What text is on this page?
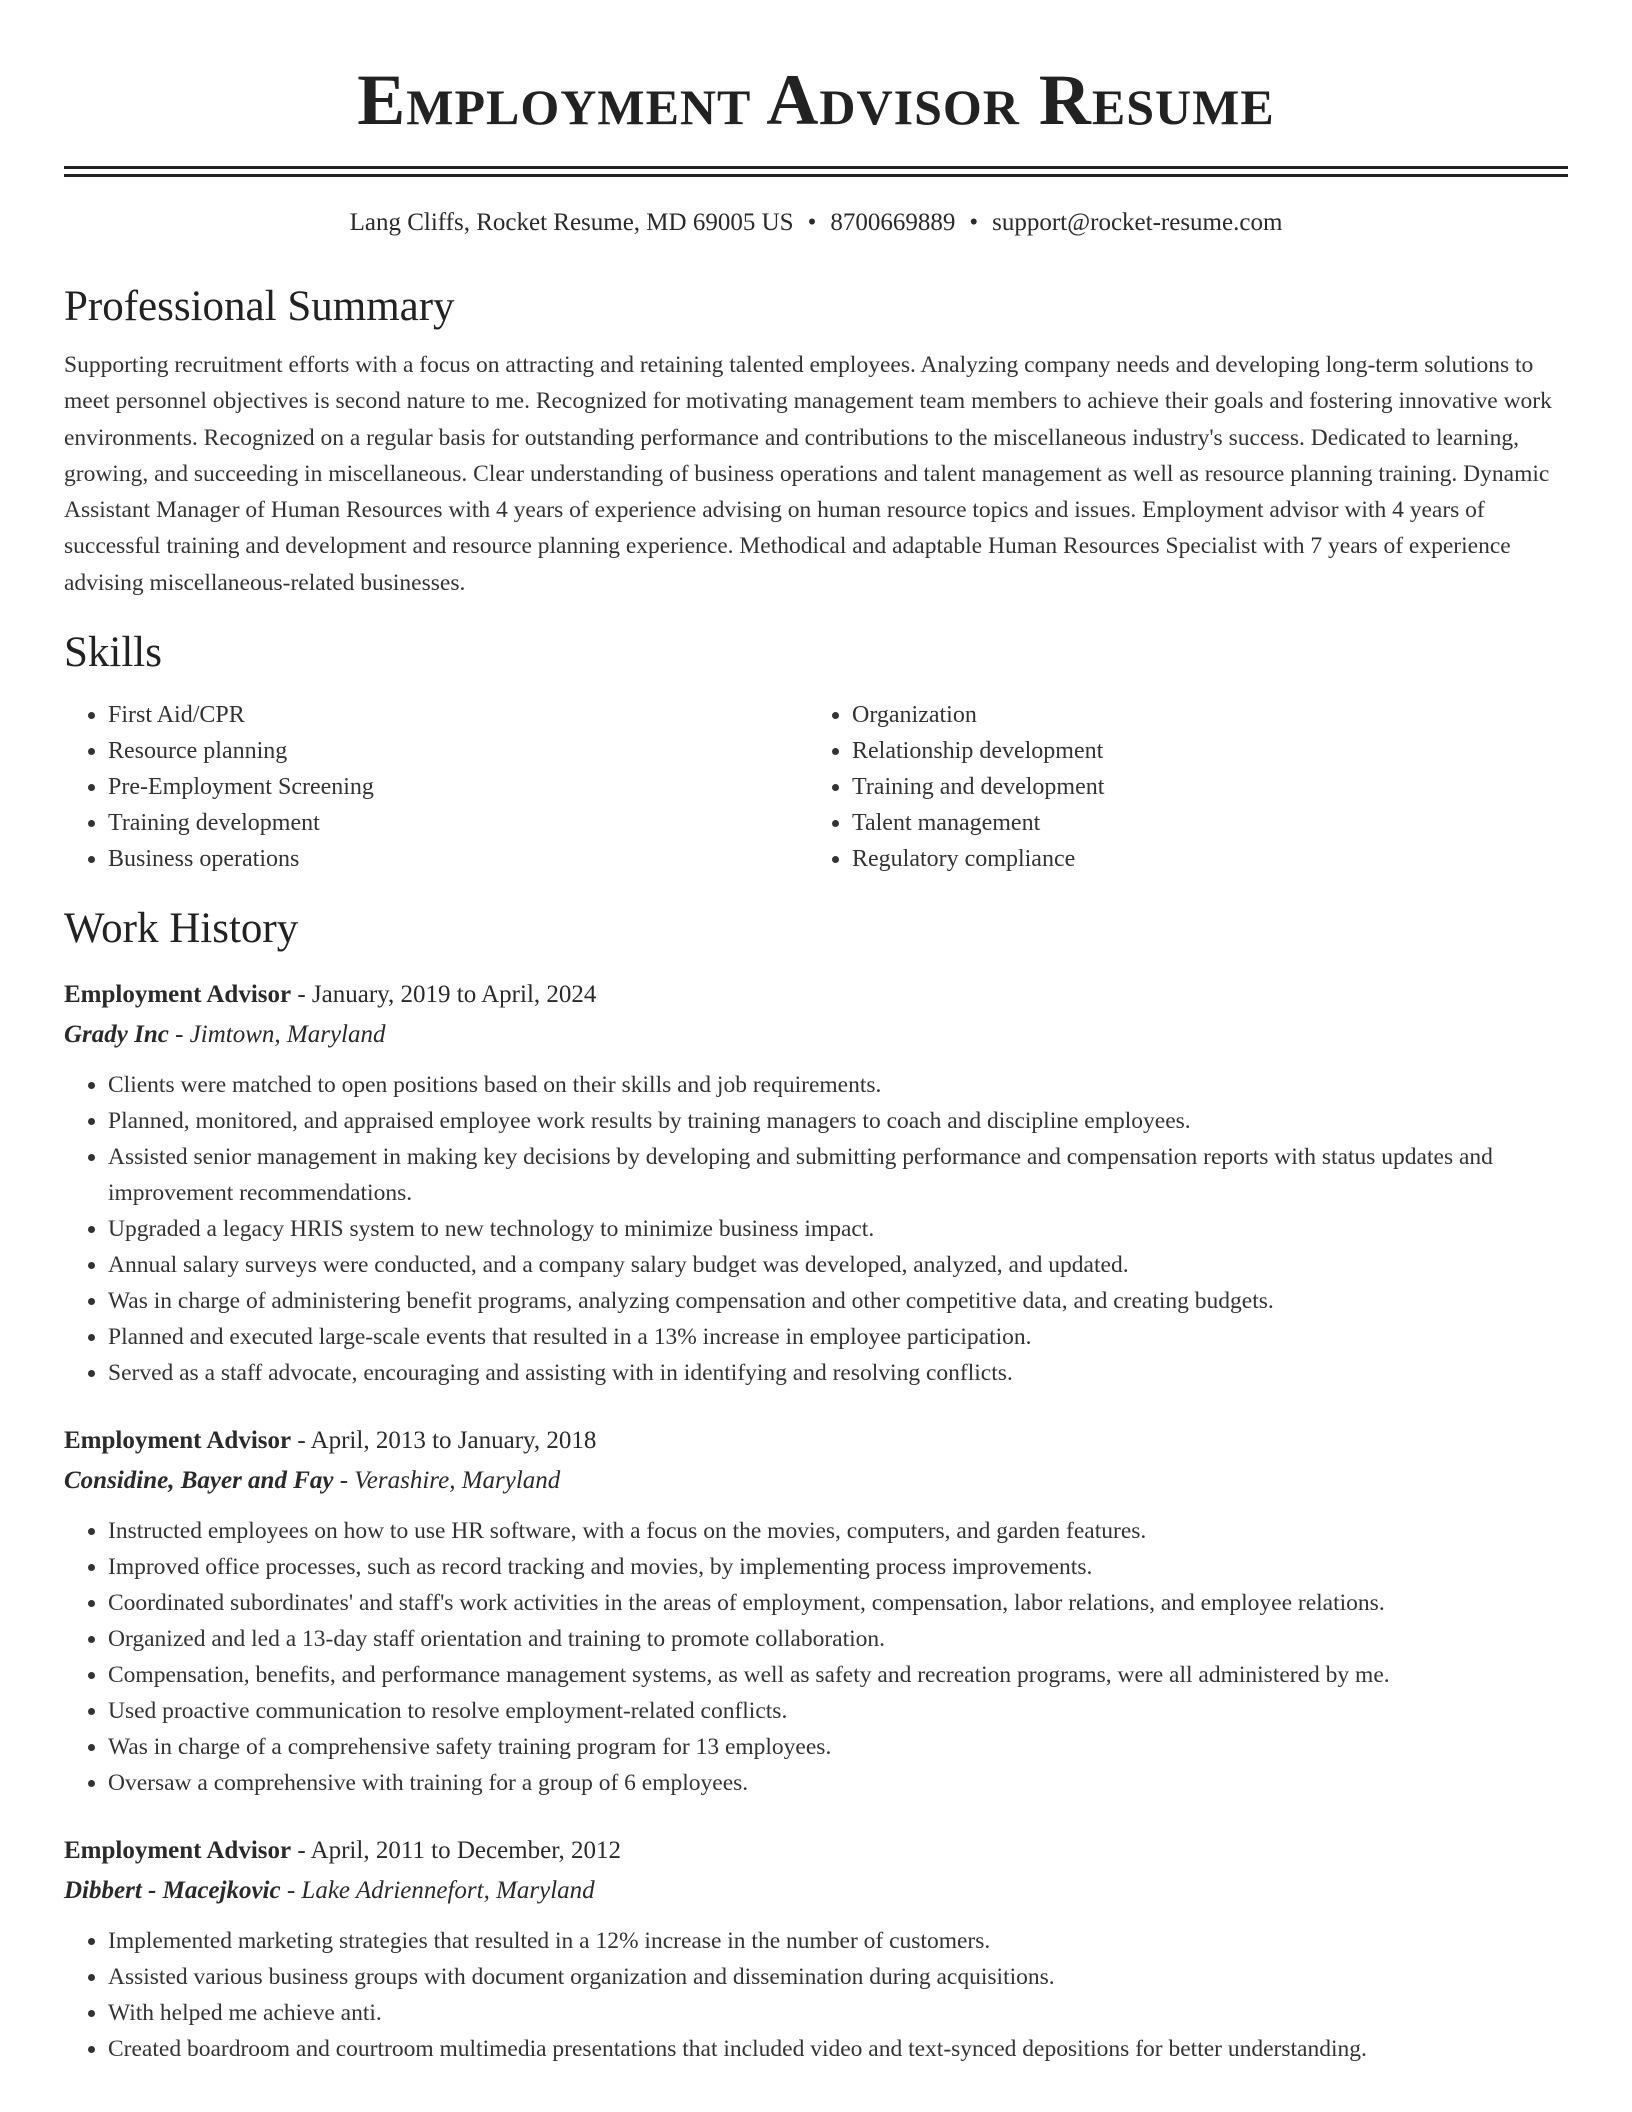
Employment Advisor Resume
Lang Cliffs, Rocket Resume, MD 69005 US • 8700669889 • support@rocket-resume.com
Professional Summary
Supporting recruitment efforts with a focus on attracting and retaining talented employees. Analyzing company needs and developing long-term solutions to meet personnel objectives is second nature to me. Recognized for motivating management team members to achieve their goals and fostering innovative work environments. Recognized on a regular basis for outstanding performance and contributions to the miscellaneous industry's success. Dedicated to learning, growing, and succeeding in miscellaneous. Clear understanding of business operations and talent management as well as resource planning training. Dynamic Assistant Manager of Human Resources with 4 years of experience advising on human resource topics and issues. Employment advisor with 4 years of successful training and development and resource planning experience. Methodical and adaptable Human Resources Specialist with 7 years of experience advising miscellaneous-related businesses.
Skills
• First Aid/CPR
• Resource planning
• Pre-Employment Screening
• Training development
• Business operations
• Organization
• Relationship development
• Training and development
• Talent management
• Regulatory compliance
Work History
Employment Advisor - January, 2019 to April, 2024
Grady Inc - Jimtown, Maryland
• Clients were matched to open positions based on their skills and job requirements.
• Planned, monitored, and appraised employee work results by training managers to coach and discipline employees.
• Assisted senior management in making key decisions by developing and submitting performance and compensation reports with status updates and improvement recommendations.
• Upgraded a legacy HRIS system to new technology to minimize business impact.
• Annual salary surveys were conducted, and a company salary budget was developed, analyzed, and updated.
• Was in charge of administering benefit programs, analyzing compensation and other competitive data, and creating budgets.
• Planned and executed large-scale events that resulted in a 13% increase in employee participation.
• Served as a staff advocate, encouraging and assisting with in identifying and resolving conflicts.
Employment Advisor - April, 2013 to January, 2018
Considine, Bayer and Fay - Verashire, Maryland
• Instructed employees on how to use HR software, with a focus on the movies, computers, and garden features.
• Improved office processes, such as record tracking and movies, by implementing process improvements.
• Coordinated subordinates' and staff's work activities in the areas of employment, compensation, labor relations, and employee relations.
• Organized and led a 13-day staff orientation and training to promote collaboration.
• Compensation, benefits, and performance management systems, as well as safety and recreation programs, were all administered by me.
• Used proactive communication to resolve employment-related conflicts.
• Was in charge of a comprehensive safety training program for 13 employees.
• Oversaw a comprehensive with training for a group of 6 employees.
Employment Advisor - April, 2011 to December, 2012
Dibbert - Macejkovic - Lake Adriennefort, Maryland
• Implemented marketing strategies that resulted in a 12% increase in the number of customers.
• Assisted various business groups with document organization and dissemination during acquisitions.
• With helped me achieve anti.
• Created boardroom and courtroom multimedia presentations that included video and text-synced depositions for better understanding.
